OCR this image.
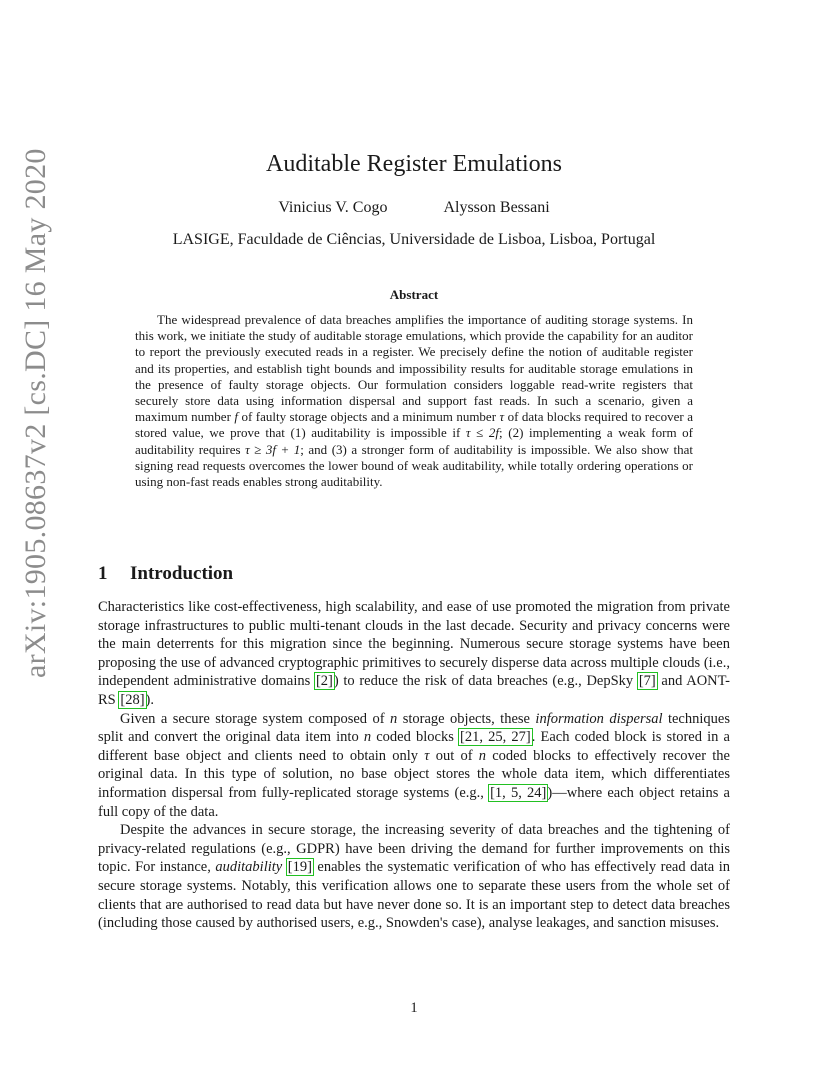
arXiv:1905.08637v2 [cs.DC] 16 May 2020	Auditable Register Emulations
Vinicius V. Cogo	Alysson Bessani
LASIGE, Faculdade de Ciências, Universidade de Lisboa, Lisboa, Portugal
Abstract

The widespread prevalence of data breaches amplifies the importance of auditing storage systems. In this work, we initiate the study of auditable storage emulations, which provide the capability for an auditor to report the previously executed reads in a register. We precisely define the notion of auditable register and its properties, and establish tight bounds and impossibility results for auditable storage emulations in the presence of faulty storage objects. Our formulation considers loggable read-write registers that securely store data using information dispersal and support fast reads. In such a scenario, given a maximum number f of faulty storage objects and a minimum number τ of data blocks required to recover a stored value, we prove that (1) auditability is impossible if τ ≤ 2f; (2) implementing a weak form of auditability requires τ ≥ 3f + 1; and (3) a stronger form of auditability is impossible. We also show that signing read requests overcomes the lower bound of weak auditability, while totally ordering operations or using non-fast reads enables strong auditability.

1 Introduction

Characteristics like cost-effectiveness, high scalability, and ease of use promoted the migration from private storage infrastructures to public multi-tenant clouds in the last decade. Security and privacy concerns were the main deterrents for this migration since the beginning. Numerous secure storage systems have been proposing the use of advanced cryptographic primitives to securely disperse data across multiple clouds (i.e., independent administrative domains [2]) to reduce the risk of data breaches (e.g., DepSky [7] and AONT-RS [28]).

Given a secure storage system composed of n storage objects, these information dispersal techniques split and convert the original data item into n coded blocks [21, 25, 27]. Each coded block is stored in a different base object and clients need to obtain only τ out of n coded blocks to effectively recover the original data. In this type of solution, no base object stores the whole data item, which differentiates information dispersal from fully-replicated storage systems (e.g., [1, 5, 24])—where each object retains a full copy of the data.

Despite the advances in secure storage, the increasing severity of data breaches and the tightening of privacy-related regulations (e.g., GDPR) have been driving the demand for further improvements on this topic. For instance, auditability [19] enables the systematic verification of who has effectively read data in secure storage systems. Notably, this verification allows one to separate these users from the whole set of clients that are authorised to read data but have never done so. It is an important step to detect data breaches (including those caused by authorised users, e.g., Snowden's case), analyse leakages, and sanction misuses.

1
